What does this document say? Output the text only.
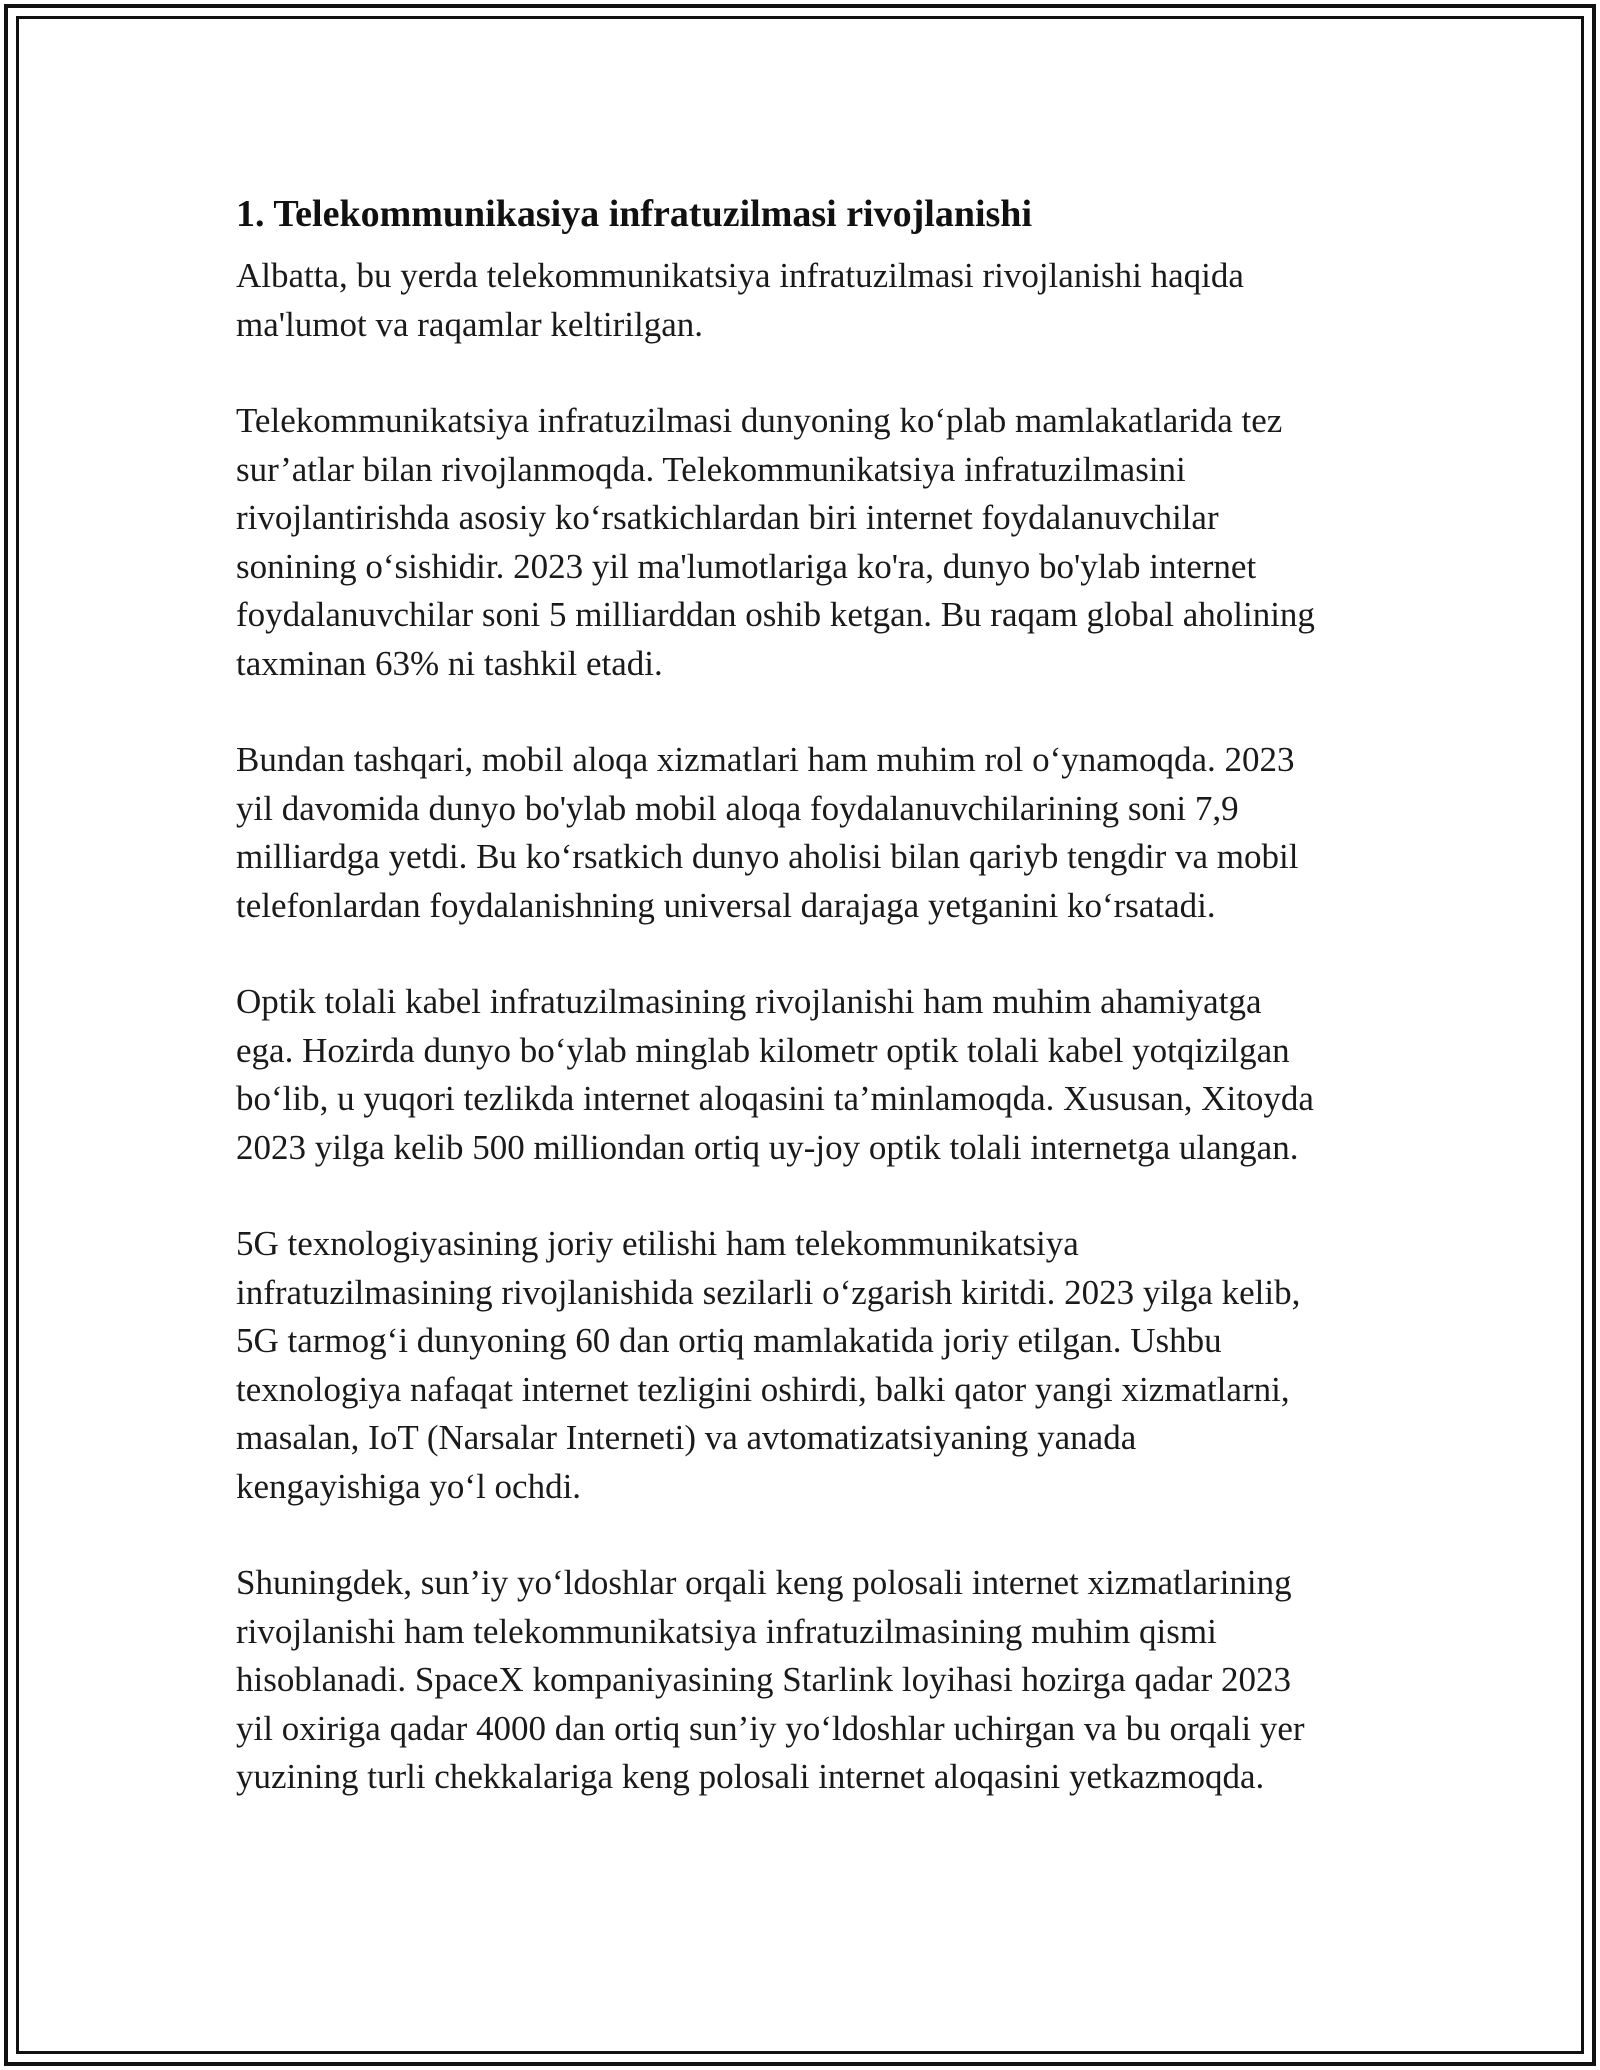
1. Telekommunikasiya infratuzilmasi rivojlanishi

Albatta, bu yerda telekommunikatsiya infratuzilmasi rivojlanishi haqida
ma'lumot va raqamlar keltirilgan.

Telekommunikatsiya infratuzilmasi dunyoning ko‘plab mamlakatlarida tez
sur’atlar bilan rivojlanmoqda. Telekommunikatsiya infratuzilmasini
rivojlantirishda asosiy ko‘rsatkichlardan biri internet foydalanuvchilar
sonining o‘sishidir. 2023 yil ma'lumotlariga ko'ra, dunyo bo'ylab internet
foydalanuvchilar soni 5 milliarddan oshib ketgan. Bu raqam global aholining
taxminan 63% ni tashkil etadi.

Bundan tashqari, mobil aloqa xizmatlari ham muhim rol o‘ynamoqda. 2023
yil davomida dunyo bo'ylab mobil aloqa foydalanuvchilarining soni 7,9
milliardga yetdi. Bu ko‘rsatkich dunyo aholisi bilan qariyb tengdir va mobil
telefonlardan foydalanishning universal darajaga yetganini ko‘rsatadi.

Optik tolali kabel infratuzilmasining rivojlanishi ham muhim ahamiyatga
ega. Hozirda dunyo bo‘ylab minglab kilometr optik tolali kabel yotqizilgan
bo‘lib, u yuqori tezlikda internet aloqasini ta’minlamoqda. Xususan, Xitoyda
2023 yilga kelib 500 milliondan ortiq uy-joy optik tolali internetga ulangan.

5G texnologiyasining joriy etilishi ham telekommunikatsiya
infratuzilmasining rivojlanishida sezilarli o‘zgarish kiritdi. 2023 yilga kelib,
5G tarmog‘i dunyoning 60 dan ortiq mamlakatida joriy etilgan. Ushbu
texnologiya nafaqat internet tezligini oshirdi, balki qator yangi xizmatlarni,
masalan, IoT (Narsalar Interneti) va avtomatizatsiyaning yanada
kengayishiga yo‘l ochdi.

Shuningdek, sun’iy yo‘ldoshlar orqali keng polosali internet xizmatlarining
rivojlanishi ham telekommunikatsiya infratuzilmasining muhim qismi
hisoblanadi. SpaceX kompaniyasining Starlink loyihasi hozirga qadar 2023
yil oxiriga qadar 4000 dan ortiq sun’iy yo‘ldoshlar uchirgan va bu orqali yer
yuzining turli chekkalariga keng polosali internet aloqasini yetkazmoqda.
